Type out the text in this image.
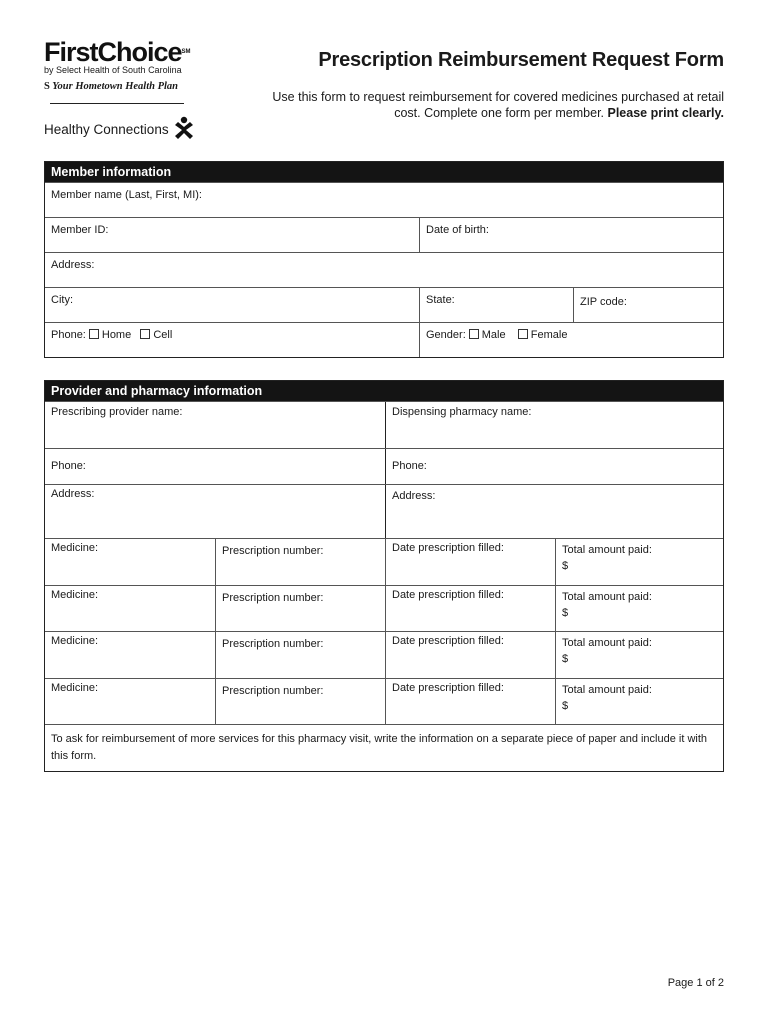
FirstChoice℠
by Select Health of South Carolina
S Your Hometown Health Plan
Healthy Connections
Prescription Reimbursement Request Form
Use this form to request reimbursement for covered medicines purchased at retail cost. Complete one form per member. Please print clearly.
Member information
Member name (Last, First, MI):
Member ID:	Date of birth:
Address:
City:	State:	ZIP code:
Phone: Home Cell	Gender: Male Female
Provider and pharmacy information
Prescribing provider name:	Dispensing pharmacy name:
Phone:	Phone:
Address:	Address:
Medicine:	Prescription number:	Date prescription filled:	Total amount paid:
$
Medicine:	Prescription number:	Date prescription filled:	Total amount paid:
$
Medicine:	Prescription number:	Date prescription filled:	Total amount paid:
$
Medicine:	Prescription number:	Date prescription filled:	Total amount paid:
$
To ask for reimbursement of more services for this pharmacy visit, write the information on a separate piece of paper and include it with this form.
Page 1 of 2
